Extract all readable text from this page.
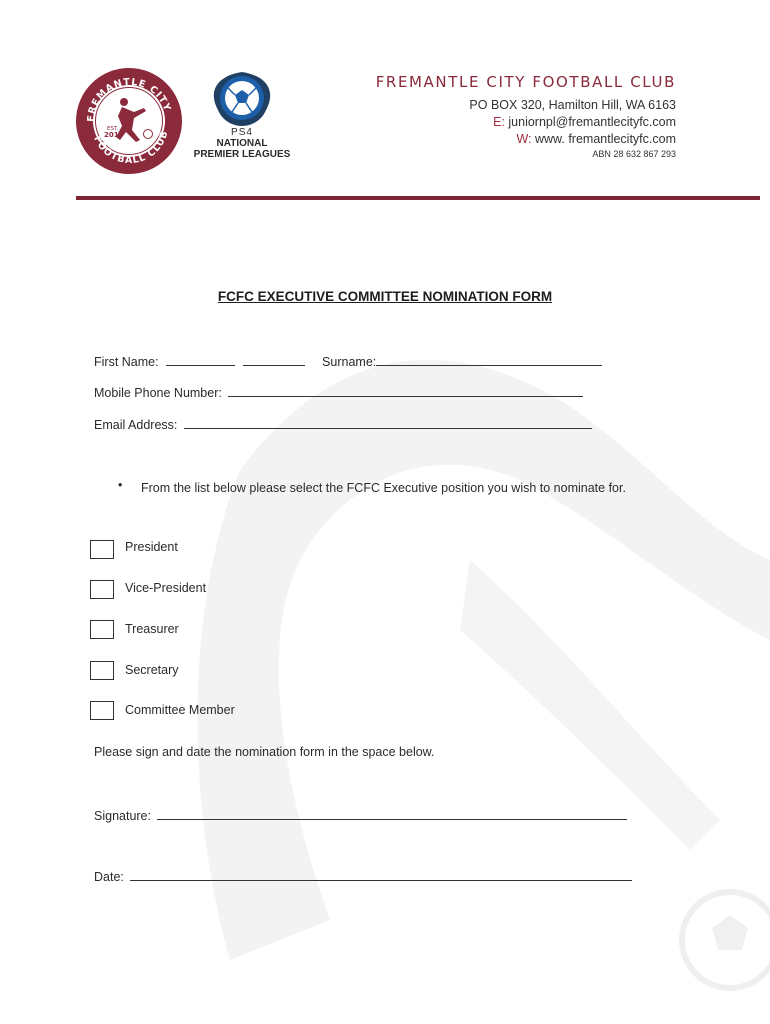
FREMANTLE CITY
FOOTBALL CLUB
EST.
2019	PS4
NATIONAL
PREMIER LEAGUES
FREMANTLE CITY FOOTBALL CLUB
PO BOX 320, Hamilton Hill, WA 6163
E: juniornpl@fremantlecityfc.com
W: www. fremantlecityfc.com
ABN 28 632 867 293
FCFC EXECUTIVE COMMITTEE NOMINATION FORM
First Name:	Surname:
Mobile Phone Number:
Email Address:
• From the list below please select the FCFC Executive position you wish to nominate for.
President
Vice-President
Treasurer
Secretary
Committee Member
Please sign and date the nomination form in the space below.
Signature:
Date:
